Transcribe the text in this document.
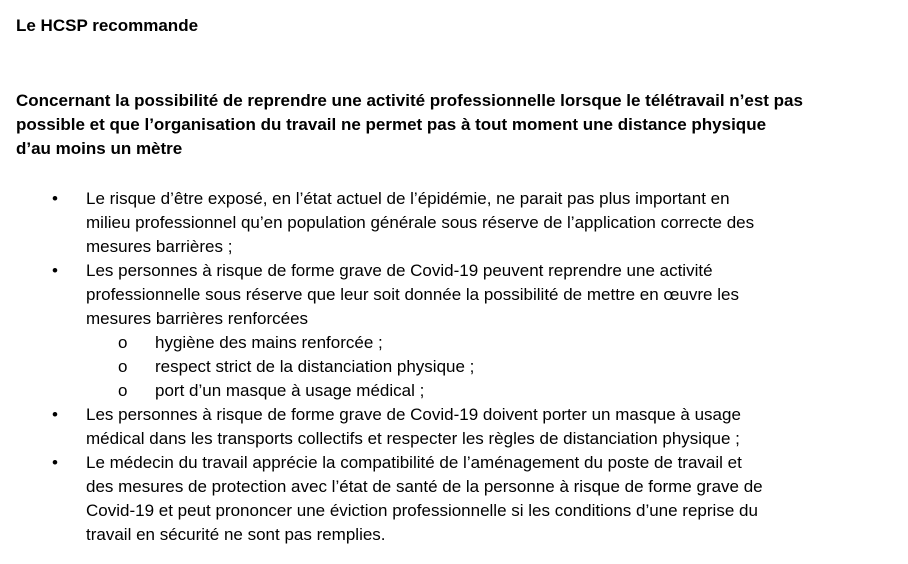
Le HCSP recommande
Concernant la possibilité de reprendre une activité professionnelle lorsque le télétravail n’est pas
possible et que l’organisation du travail ne permet pas à tout moment une distance physique
d’au moins un mètre
• Le risque d’être exposé, en l’état actuel de l’épidémie, ne parait pas plus important en
milieu professionnel qu’en population générale sous réserve de l’application correcte des
mesures barrières ;
• Les personnes à risque de forme grave de Covid-19 peuvent reprendre une activité
professionnelle sous réserve que leur soit donnée la possibilité de mettre en œuvre les
mesures barrières renforcées
o hygiène des mains renforcée ;
o respect strict de la distanciation physique ;
o port d’un masque à usage médical ;
• Les personnes à risque de forme grave de Covid-19 doivent porter un masque à usage
médical dans les transports collectifs et respecter les règles de distanciation physique ;
• Le médecin du travail apprécie la compatibilité de l’aménagement du poste de travail et
des mesures de protection avec l’état de santé de la personne à risque de forme grave de
Covid-19 et peut prononcer une éviction professionnelle si les conditions d’une reprise du
travail en sécurité ne sont pas remplies.
